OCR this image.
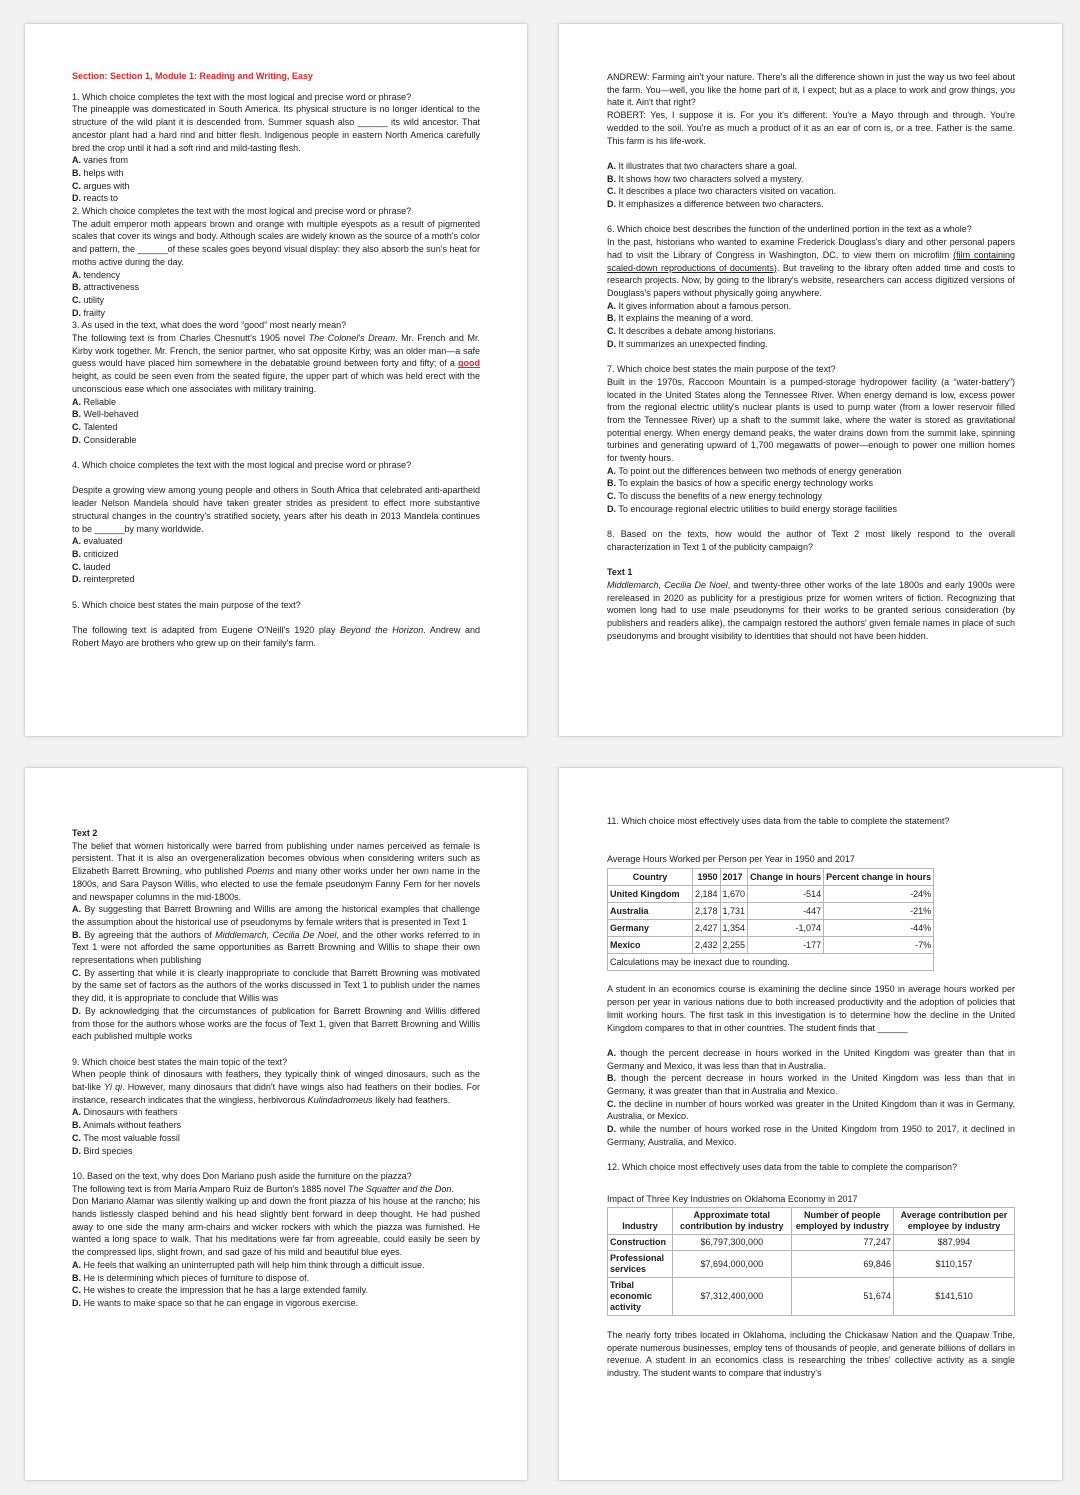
Section: Section 1, Module 1: Reading and Writing, Easy

1. Which choice completes the text with the most logical and precise word or phrase?

The pineapple was domesticated in South America. Its physical structure is no longer identical to the structure of the wild plant it is descended from. Summer squash also ______ its wild ancestor. That ancestor plant had a hard rind and bitter flesh. Indigenous people in eastern North America carefully bred the crop until it had a soft rind and mild-tasting flesh.

A. varies from

B. helps with

C. argues with

D. reacts to

2. Which choice completes the text with the most logical and precise word or phrase?

The adult emperor moth appears brown and orange with multiple eyespots as a result of pigmented scales that cover its wings and body. Although scales are widely known as the source of a moth's color and pattern, the ______of these scales goes beyond visual display: they also absorb the sun's heat for moths active during the day.

A. tendency

B. attractiveness

C. utility

D. frailty

3. As used in the text, what does the word “good” most nearly mean?

The following text is from Charles Chesnutt's 1905 novel The Colonel's Dream. Mr. French and Mr. Kirby work together. Mr. French, the senior partner, who sat opposite Kirby, was an older man—a safe guess would have placed him somewhere in the debatable ground between forty and fifty; of a good height, as could be seen even from the seated figure, the upper part of which was held erect with the unconscious ease which one associates with military training.

A. Reliable

B. Well-behaved

C. Talented

D. Considerable

4. Which choice completes the text with the most logical and precise word or phrase?

Despite a growing view among young people and others in South Africa that celebrated anti-apartheid leader Nelson Mandela should have taken greater strides as president to effect more substantive structural changes in the country's stratified society, years after his death in 2013 Mandela continues to be ______by many worldwide.

A. evaluated

B. criticized

C. lauded

D. reinterpreted

5. Which choice best states the main purpose of the text?

The following text is adapted from Eugene O'Neill's 1920 play Beyond the Horizon. Andrew and Robert Mayo are brothers who grew up on their family's farm.

ANDREW: Farming ain't your nature. There's all the difference shown in just the way us two feel about the farm. You—well, you like the home part of it, I expect; but as a place to work and grow things, you hate it. Ain't that right?

ROBERT: Yes, I suppose it is. For you it's different. You're a Mayo through and through. You're wedded to the soil. You're as much a product of it as an ear of corn is, or a tree. Father is the same. This farm is his life-work.

A. It illustrates that two characters share a goal.

B. It shows how two characters solved a mystery.

C. It describes a place two characters visited on vacation.

D. It emphasizes a difference between two characters.

6. Which choice best describes the function of the underlined portion in the text as a whole?

In the past, historians who wanted to examine Frederick Douglass's diary and other personal papers had to visit the Library of Congress in Washington, DC, to view them on microfilm (film containing scaled-down reproductions of documents). But traveling to the library often added time and costs to research projects. Now, by going to the library's website, researchers can access digitized versions of Douglass's papers without physically going anywhere.

A. It gives information about a famous person.

B. It explains the meaning of a word.

C. It describes a debate among historians.

D. It summarizes an unexpected finding.

7. Which choice best states the main purpose of the text?

Built in the 1970s, Raccoon Mountain is a pumped-storage hydropower facility (a “water-battery”) located in the United States along the Tennessee River. When energy demand is low, excess power from the regional electric utility's nuclear plants is used to pump water (from a lower reservoir filled from the Tennessee River) up a shaft to the summit lake, where the water is stored as gravitational potential energy. When energy demand peaks, the water drains down from the summit lake, spinning turbines and generating upward of 1,700 megawatts of power—enough to power one million homes for twenty hours.

A. To point out the differences between two methods of energy generation

B. To explain the basics of how a specific energy technology works

C. To discuss the benefits of a new energy technology

D. To encourage regional electric utilities to build energy storage facilities

8. Based on the texts, how would the author of Text 2 most likely respond to the overall characterization in Text 1 of the publicity campaign?

Text 1

Middlemarch, Cecilia De Noel, and twenty-three other works of the late 1800s and early 1900s were rereleased in 2020 as publicity for a prestigious prize for women writers of fiction. Recognizing that women long had to use male pseudonyms for their works to be granted serious consideration (by publishers and readers alike), the campaign restored the authors' given female names in place of such pseudonyms and brought visibility to identities that should not have been hidden.

Text 2

The belief that women historically were barred from publishing under names perceived as female is persistent. That it is also an overgeneralization becomes obvious when considering writers such as Elizabeth Barrett Browning, who published Poems and many other works under her own name in the 1800s, and Sara Payson Willis, who elected to use the female pseudonym Fanny Fern for her novels and newspaper columns in the mid-1800s.

A. By suggesting that Barrett Browning and Willis are among the historical examples that challenge the assumption about the historical use of pseudonyms by female writers that is presented in Text 1

B. By agreeing that the authors of Middlemarch, Cecilia De Noel, and the other works referred to in Text 1 were not afforded the same opportunities as Barrett Browning and Willis to shape their own representations when publishing

C. By asserting that while it is clearly inappropriate to conclude that Barrett Browning was motivated by the same set of factors as the authors of the works discussed in Text 1 to publish under the names they did, it is appropriate to conclude that Willis was

D. By acknowledging that the circumstances of publication for Barrett Browning and Willis differed from those for the authors whose works are the focus of Text 1, given that Barrett Browning and Willis each published multiple works

9. Which choice best states the main topic of the text?

When people think of dinosaurs with feathers, they typically think of winged dinosaurs, such as the bat-like Yi qi. However, many dinosaurs that didn't have wings also had feathers on their bodies. For instance, research indicates that the wingless, herbivorous Kulindadromeus likely had feathers.

A. Dinosaurs with feathers

B. Animals without feathers

C. The most valuable fossil

D. Bird species

10. Based on the text, why does Don Mariano push aside the furniture on the piazza?

The following text is from María Amparo Ruiz de Burton's 1885 novel The Squatter and the Don.

Don Mariano Alamar was silently walking up and down the front piazza of his house at the rancho; his hands listlessly clasped behind and his head slightly bent forward in deep thought. He had pushed away to one side the many arm-chairs and wicker rockers with which the piazza was furnished. He wanted a long space to walk. That his meditations were far from agreeable, could easily be seen by the compressed lips, slight frown, and sad gaze of his mild and beautiful blue eyes.

A. He feels that walking an uninterrupted path will help him think through a difficult issue.

B. He is determining which pieces of furniture to dispose of.

C. He wishes to create the impression that he has a large extended family.

D. He wants to make space so that he can engage in vigorous exercise.

11. Which choice most effectively uses data from the table to complete the statement?

Average Hours Worked per Person per Year in 1950 and 2017

Country	1950	2017	Change in hours	Percent change in hours
United Kingdom	2,184	1,670	-514	-24%
Australia	2,178	1,731	-447	-21%
Germany	2,427	1,354	-1,074	-44%
Mexico	2,432	2,255	-177	-7%
Calculations may be inexact due to rounding.				

A student in an economics course is examining the decline since 1950 in average hours worked per person per year in various nations due to both increased productivity and the adoption of policies that limit working hours. The first task in this investigation is to determine how the decline in the United Kingdom compares to that in other countries. The student finds that ______

A. though the percent decrease in hours worked in the United Kingdom was greater than that in Germany and Mexico, it was less than that in Australia.

B. though the percent decrease in hours worked in the United Kingdom was less than that in Germany, it was greater than that in Australia and Mexico.

C. the decline in number of hours worked was greater in the United Kingdom than it was in Germany, Australia, or Mexico.

D. while the number of hours worked rose in the United Kingdom from 1950 to 2017, it declined in Germany, Australia, and Mexico.

12. Which choice most effectively uses data from the table to complete the comparison?

Impact of Three Key Industries on Oklahoma Economy in 2017

Industry	Approximate total contribution by industry	Number of people employed by industry	Average contribution per employee by industry
Construction	$6,797,300,000	77,247	$87,994
Professional services	$7,694,000,000	69,846	$110,157
Tribal economic activity	$7,312,400,000	51,674	$141,510

The nearly forty tribes located in Oklahoma, including the Chickasaw Nation and the Quapaw Tribe, operate numerous businesses, employ tens of thousands of people, and generate billions of dollars in revenue. A student in an economics class is researching the tribes' collective activity as a single industry. The student wants to compare that industry's
